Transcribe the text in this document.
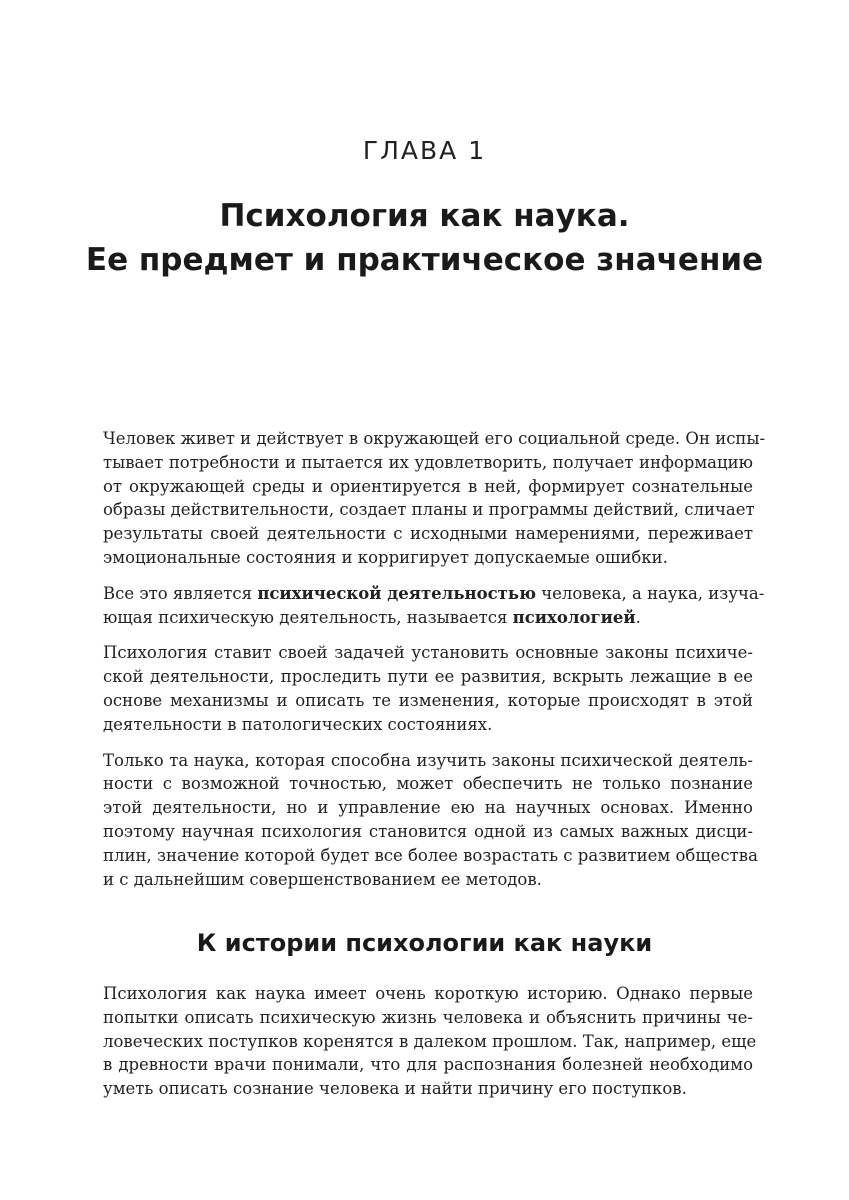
ГЛАВА 1
Психология как наука.
Ее предмет и практическое значение

Человек живет и действует в окружающей его социальной среде. Он испы-
тывает потребности и пытается их удовлетворить, получает информацию
от окружающей среды и ориентируется в ней, формирует сознательные
образы действительности, создает планы и программы действий, сличает
результаты своей деятельности с исходными намерениями, переживает
эмоциональные состояния и корригирует допускаемые ошибки.

Все это является психической деятельностью человека, а наука, изуча-
ющая психическую деятельность, называется психологией.

Психология ставит своей задачей установить основные законы психиче-
ской деятельности, проследить пути ее развития, вскрыть лежащие в ее
основе механизмы и описать те изменения, которые происходят в этой
деятельности в патологических состояниях.

Только та наука, которая способна изучить законы психической деятель-
ности с возможной точностью, может обеспечить не только познание
этой деятельности, но и управление ею на научных основах. Именно
поэтому научная психология становится одной из самых важных дисци-
плин, значение которой будет все более возрастать с развитием общества
и с дальнейшим совершенствованием ее методов.

К истории психологии как науки

Психология как наука имеет очень короткую историю. Однако первые
попытки описать психическую жизнь человека и объяснить причины че-
ловеческих поступков коренятся в далеком прошлом. Так, например, еще
в древности врачи понимали, что для распознания болезней необходимо
уметь описать сознание человека и найти причину его поступков.
